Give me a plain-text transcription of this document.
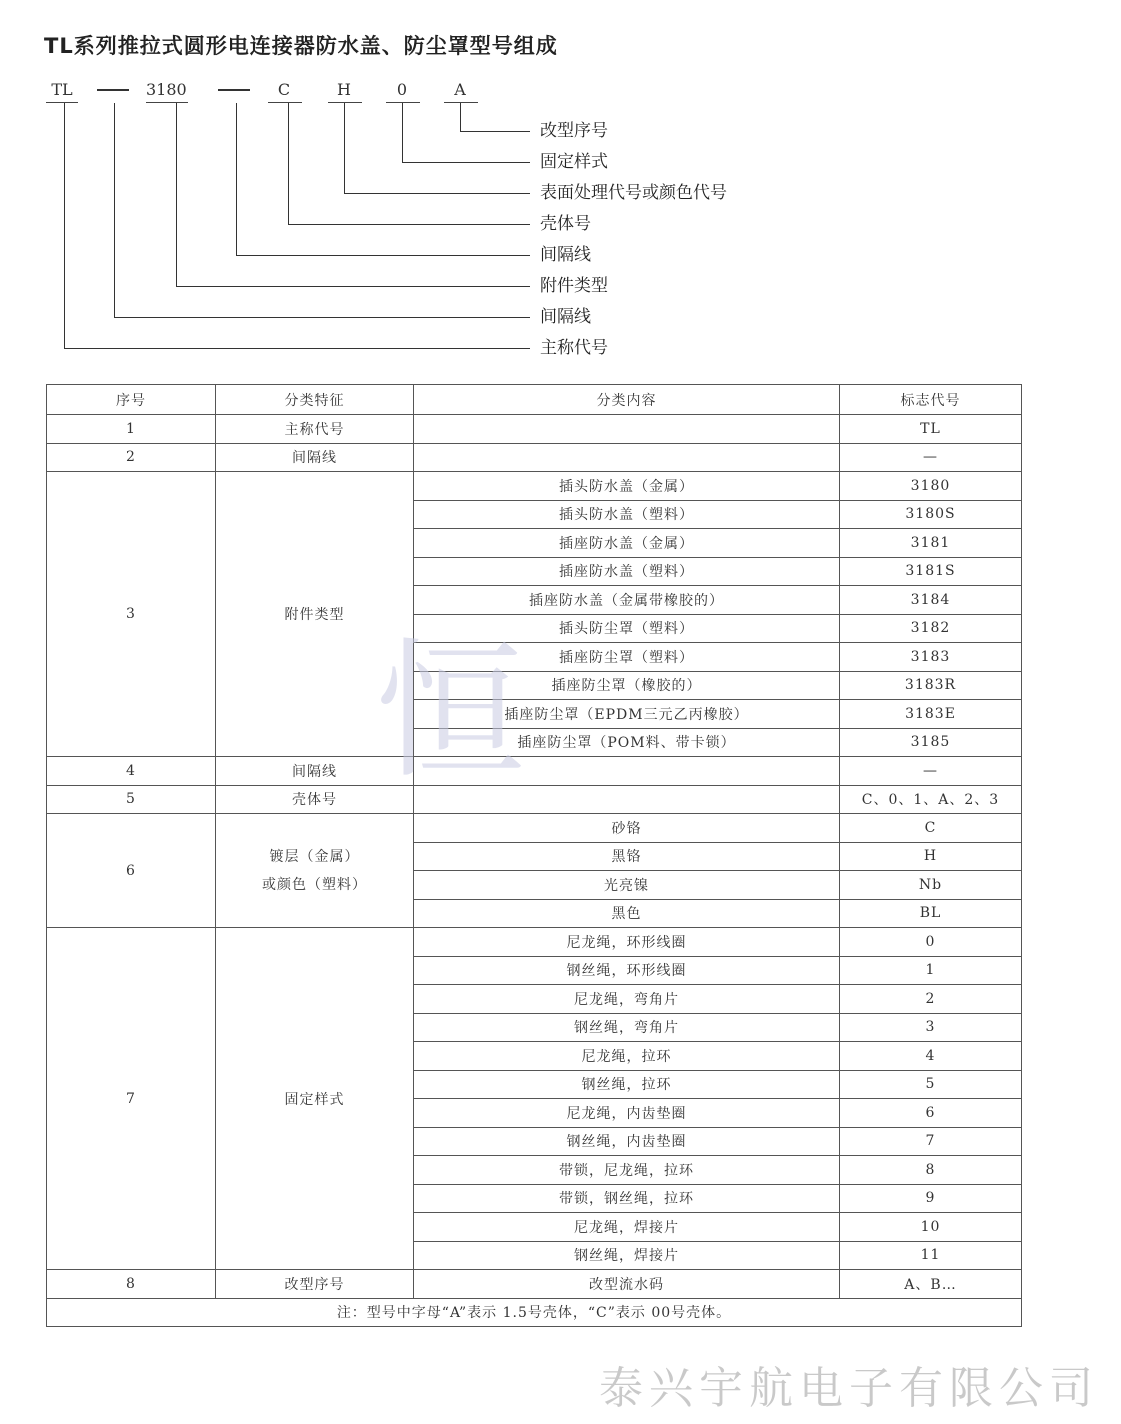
TL系列推拉式圆形电连接器防水盖、防尘罩型号组成
TL	3180	C	H	0	A
改型序号
固定样式
表面处理代号或颜色代号
壳体号
间隔线
附件类型
间隔线
主称代号
序号	分类特征	分类内容	标志代号
1	主称代号		TL
2	间隔线		—
3	附件类型	插头防水盖（金属）	3180
		插头防水盖（塑料）	3180S
		插座防水盖（金属）	3181
		插座防水盖（塑料）	3181S
		插座防水盖（金属带橡胶的）	3184
		插头防尘罩（塑料）	3182
		插座防尘罩（塑料）	3183
		插座防尘罩（橡胶的）	3183R
		插座防尘罩（EPDM三元乙丙橡胶）	3183E
		插座防尘罩（POM料、带卡锁）	3185
4	间隔线		—
5	壳体号		C、0、1、A、2、3
6	镀层（金属）
或颜色（塑料）	砂铬	C
		黑铬	H
		光亮镍	Nb
		黑色	BL
7	固定样式	尼龙绳，环形线圈	0
		钢丝绳，环形线圈	1
		尼龙绳，弯角片	2
		钢丝绳，弯角片	3
		尼龙绳，拉环	4
		钢丝绳，拉环	5
		尼龙绳，内齿垫圈	6
		钢丝绳，内齿垫圈	7
		带锁，尼龙绳，拉环	8
		带锁，钢丝绳，拉环	9
		尼龙绳，焊接片	10
		钢丝绳，焊接片	11
8	改型序号	改型流水码	A、B…
注：型号中字母“A”表示 1.5号壳体，“C”表示 00号壳体。			
恒
泰兴宇航电子有限公司
